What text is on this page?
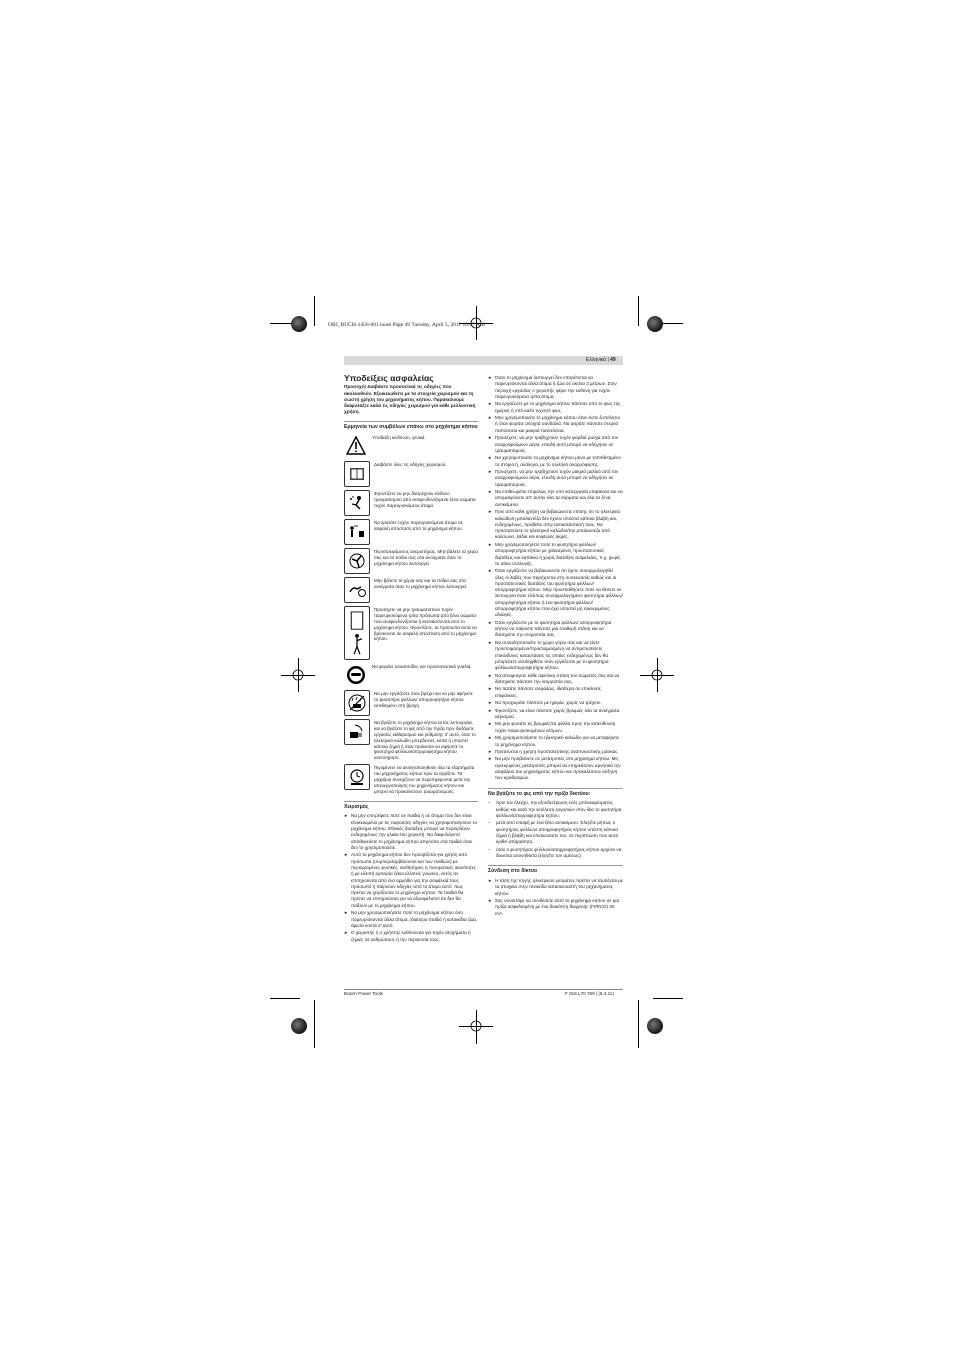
OBJ_BUCH-1456-001.book Page 49 Tuesday, April 5, 2011 10:07 AM
Ελληνικά | 49
Υποδείξεις ασφαλείας
Προσοχή! Διαβάστε προσεκτικά τις οδηγίες που ακολουθούν. Εξοικειωθείτε με τα στοιχεία χειρισμού και τη σωστή χρήση του μηχανήματος κήπου. Παρακαλούμε διαφυλάξτε καλά τις οδηγίες χειρισμού για κάθε μελλοντική χρήση.
Ερμηνεία των συμβόλων επάνω στο μηχάνημα κήπου
Υπόδειξη κινδύνου, γενικά.
Διαβάστε όλες τις οδηγίες χειρισμού.
Φροντίζετε να μην διατρέχουν κίνδυνο τραυματισμού από εκσφενδονιζόμενα ξένα σώματα τυχόν παρευρισκόμενα άτομα.
Να κρατάτε τυχόν παρευρισκόμενα άτομα σε ασφαλή απόσταση από το μηχάνημα κήπου.
Περιστρεφόμενος ανεμιστήρας. Μην βάλετε τα χέρια σας και τα πόδια σας στα ανοίγματα όταν το μηχάνημα κήπου λειτουργεί.
Μην βάλετε τα χέρια σας και τα πόδια σας στα ανοίγματα όταν το μηχάνημα κήπου λειτουργεί.
Προσέχετε να μην τραυματιστούν τυχόν παρευρισκόμενα τρίτα πρόσωπα από ξένα σώματα που εκσφενδονίζονται ή εκτινάσσονται από το μηχάνημα κήπου. Φροντίζετε, τα πρόσωπα αυτά να βρίσκονται σε ασφαλή απόσταση από το μηχάνημα κήπου.
Να φοράτε ωτοασπίδες και προστατευτικά γυαλιά.
Να μην εργάζεστε όταν βρέχει και να μην αφήνετε το φυσητήρα φύλλων/ απορροφητήρα κήπου εκτεθειμένο στη βροχή.
Να βγάζετε το μηχάνημα κήπου εκτός λειτουργίας και να βγάζετε το φις από την πρίζα πριν διεξάγετε εργασίες καθαρισμού και ρύθμισης σ' αυτό, όταν το ηλεκτρικό καλώδιο μπερδευτεί, κοπεί ή υποστεί κάποια ζημιά ή όταν πρόκειται να αφήσετε το φυσητήρα φύλλων/απορροφητήρα κήπου ανεπιτήρητο.
Περιμένετε να ακινητοποιηθούν όλα τα εξαρτήματα του μηχανήματος κήπου πριν τα αγγίξετε. Τα μαχαίρια συνεχίζουν να περιστρέφονται μετά την απενεργοποίηση του μηχανήματος κήπου και μπορεί να προκαλέσουν τραυματισμούς.
Χειρισμός
► Να μην επιτρέψετε ποτέ σε παιδιά ή σε άτομα που δεν είναι εξοικειωμένα με τις παρούσες οδηγίες να χρησιμοποιήσουν το μηχάνημα κήπου. Εθνικές διατάξεις μπορεί να περιορίζουν ενδεχομένως την ηλικία του χειριστή. Να διαφυλάγετε/αποθηκεύετε το μηχάνημα κήπου απρόσιτο στα παιδιά όταν δεν το χρησιμοποιείτε.
► Αυτό το μηχάνημα κήπου δεν προορίζεται για χρήση από πρόσωπα (συμπεριλαμβάνονται και των παιδιών) με περιορισμένες φυσικές, αισθητήριες ή πνευματικές ικανότητες ή με ελλιπή εμπειρία ή/και ελλιπείς γνώσεις, εκτός αν επιτηρούνται από ένα αρμόδιο για την ασφάλειά τους πρόσωπο ή παίρνουν οδηγίες από το άτομο αυτό, πως πρέπει να χειρίζονται το μηχάνημα κήπου. Τα παιδιά θα πρέπει να επιτηρούνται για να εξασφαλιστεί ότι δεν θα παίξουν με το μηχάνημα κήπου.
► Να μην χρησιμοποιήσετε ποτέ το μηχάνημα κήπου όσο παρευρίσκονται άλλα άτομα, ιδιαίτερα παιδιά ή κατοικίδια ζώα, άμεσα κοντά σ' αυτό.
► Ο χειριστής ή ο χρήστης ευθύνονται για τυχόν ατυχήματα ή ζημιές σε ανθρώπους ή την περιουσία τους.
► Όταν το μηχάνημα λειτουργεί δεν επιτρέπεται να παρευρίσκονται άλλα άτομα ή ζώα σε ακτίνα 3 μέτρων. Στην περιοχή εργασίας ο χειριστής φέρει την ευθύνη για τυχόν παρευρισκόμενα τρίτα άτομα.
► Να εργάζεστε με το μηχάνημα κήπου πάντοτε υπό το φως της ημέρας ή υπό καλό τεχνητό φως.
► Μην χρησιμοποιείτε το μηχάνημα κήπου όταν είστε ξυπόλητοι ή όταν φοράτε ανοιχτά σανδάλια. Να φοράτε πάντοτε στερεά παπούτσια και μακριά παντελόνια.
► Προσέχετε, να μην τραβηχτούν τυχόν φαρδιά ρούχα από τον αναρροφούμενο αέρα, επειδή αυτό μπορεί να οδηγήσει σε τραυματισμούς.
► Να χρησιμοποιείτε το μηχάνημα κήπου μόνο με τοποθετημένο το στόμιο ή, ανάλογα, με το σωλήνα αναρρόφησης.
► Προσέχετε, να μην τραβηχτούν τυχόν μακριά μαλλιά από τον αναρροφούμενο αέρα, επειδή αυτό μπορεί να οδηγήσει σε τραυματισμούς.
► Να επιθεωρείτε επιμελώς την υπό κατεργασία επιφάνεια και να απομακρύνετε απ' αυτήν όλα τα σύρματα και όλα τα ξένα αντικείμενα.
► Πριν από κάθε χρήση να βεβαιώνεστε επίσης ότι το ηλεκτρικό καλώδιο/η μπαλαντέζα δεν έχουν υποστεί κάποια βλάβη και, ενδεχομένως, προβείτε στην αντικατάστασή τους. Να προστατεύετε το ηλεκτρικό καλώδιο/την μπαλαντέζα από καύσωνα, λάδια και κοφτερές ακμές.
► Μην χρησιμοποιήσετε ποτέ το φυσητήρα φύλλων/απορροφητήρα κήπου με χαλασμένες προστατευτικές διατάξεις και καπάκια ή χωρίς διατάξεις ασφαλείας, π.χ. χωρίς το σάκο συλλογής.
► Όταν εργάζεστε να βεβαιώνεστε ότι έχετε συναρμολογηθεί όλες οι λαβές που παρέχονται στη συσκευασία καθώς και οι προστατευτικές διατάξεις του φυσητήρα φύλλων/απορροφητήρα κήπου. Μην προσπαθήσετε ποτέ να θέσετε σε λειτουργία έναν ελλιπώς συναρμολογημένο φυσητήρα φύλλων/ απορροφητήρα κήπου ή ένα φυσητήρα φύλλων/ απορροφητήρα κήπου που έχει υποστεί μη εγκεκριμένες αλλαγές.
► Όταν εργάζεστε με το φυσητήρα φύλλων/ απορροφητήρα κήπου να παίρνετε πάντοτε μια σταθερή στάση και να διατηρείτε την ισορροπία σας.
► Να συνειδητοποιείτε το χώρο γύρω σας και να είστε προετοιμασμένοι/προετοιμασμένη να αντιμετωπίσετε επικίνδυνες καταστάσεις τις οποίες ενδεχομένως δεν θα μπορέσετε αντιληφθείτε όταν εργάζεστε με το φυσητήρα φύλλων/απορροφητήρα κήπου.
► Να αποφεύγετε κάθε αφύσικη στάση του σώματός σας και να διατηρείτε πάντοτε την ισορροπία σας.
► Να πατάτε πάντοτε ασφαλώς, ιδιαίτερα σε επικλινείς επιφάνειες.
► Να προχωράτε πάντοτε με ηρεμία, χωρίς να τρέχετε.
► Φροντίζετε, να είναι πάντοτε χωρίς βρωμιές όλα τα ανοίγματα αέρισμού.
► Μη μην φυσάτε τις βρωμιές/τα φύλλα προς την κατεύθυνση τυχόν παρευρισκομένων ατόμων.
► Μη χρησιμοποιήσετε το ηλεκτρικό καλώδιο για να μεταφέρετε το μηχάνημα κήπου.
► Προτείνεται η χρήση προστατευτικής αναπνευστικής μάσκας.
► Να μην προβαίνετε σε μετατροπές στο μηχάνημα κήπου. Μη εγκεκριμένες μετατροπές μπορεί να επηρεάσουν αρνητικά την ασφάλεια του μηχανήματος κήπου και προκαλέσουν αύξηση των κραδασμών.
Να βγάζετε το φις από την πρίζα δικτύου:
–	πριν τον έλεγχο, την εξουδετέρωση ενός μπλοκαρίσματος καθώς και κατά την εκτέλεση εργασιών στον ίδιο το φυσητήρα φύλλων/απορροφητήρα κήπου,
–	μετά από επαφή με ένα ξένο αντικείμενο. Ελέγξτε μήπως ο φυσητήρας φύλλων/ απορροφητήρας κήπου υπέστη κάποια ζημιά ή βλάβη και επισκευάστε τον, σε περίπτωση που αυτό κριθεί απαραίτητο,
–	όταν ο φυσητήρας φύλλων/απορροφητήρας κήπου αρχίσει να δονείται ασυνήθιστα (ελέγξτε τον αμέσως).
Σύνδεση στο δίκτυο
► Η τάση της πηγής ηλεκτρικού ρεύματος πρέπει να ταυτίζεται με τα στοιχεία στην πινακίδα κατασκευαστή του μηχανήματος κήπου.
► Σας συνιστάμε να συνδέσετε αυτό το μηχάνημα κήπου σε μια πρίζα ασφαλισμένη με ένα διακόπτη διαρροής (FI/RCD) 30 mA.
Bosch Power Tools	F 016 L70 769 | (5.4.11)
